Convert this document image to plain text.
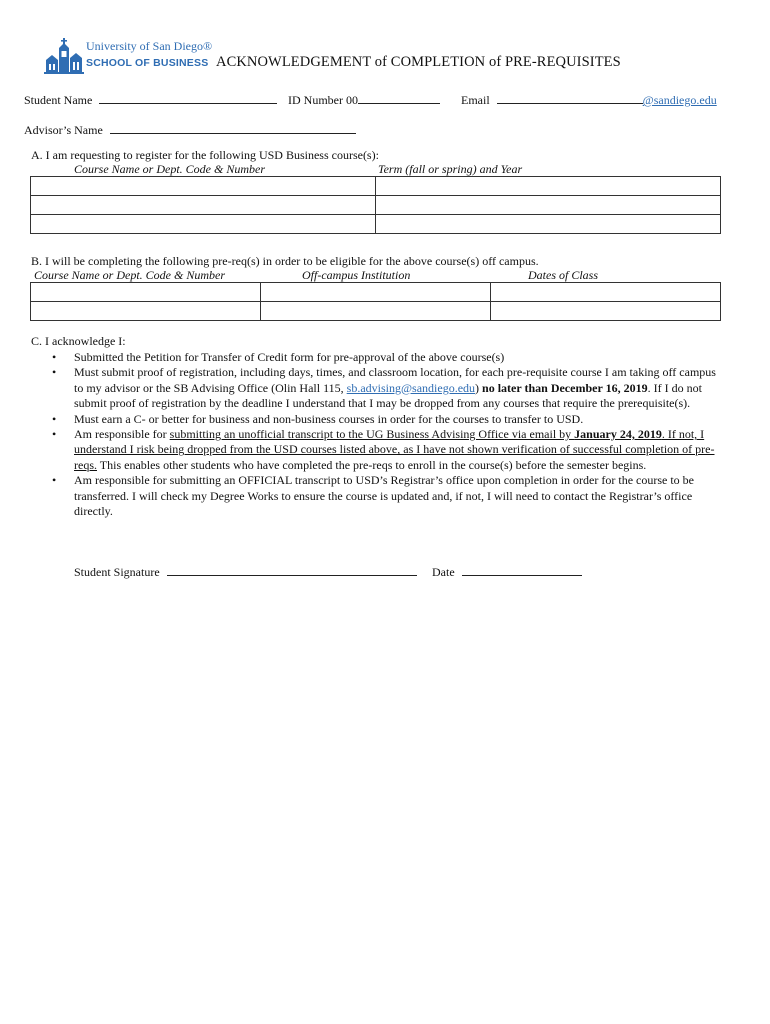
University of San Diego®
SCHOOL OF BUSINESS ACKNOWLEDGEMENT of COMPLETION of PRE-REQUISITES
Student Name	ID Number 00	Email	@sandiego.edu
Advisor’s Name
A. I am requesting to register for the following USD Business course(s):
Course Name or Dept. Code & Number	Term (fall or spring) and Year

B. I will be completing the following pre-req(s) in order to be eligible for the above course(s) off campus.
Course Name or Dept. Code & Number	Off-campus Institution	Dates of Class

C. I acknowledge I:
• Submitted the Petition for Transfer of Credit form for pre-approval of the above course(s)
• Must submit proof of registration, including days, times, and classroom location, for each pre-requisite course I am taking off campus to my advisor or the SB Advising Office (Olin Hall 115, sb.advising@sandiego.edu) no later than December 16, 2019. If I do not submit proof of registration by the deadline I understand that I may be dropped from any courses that require the prerequisite(s).
• Must earn a C- or better for business and non-business courses in order for the courses to transfer to USD.
• Am responsible for submitting an unofficial transcript to the UG Business Advising Office via email by January 24, 2019. If not, I understand I risk being dropped from the USD courses listed above, as I have not shown verification of successful completion of pre-reqs. This enables other students who have completed the pre-reqs to enroll in the course(s) before the semester begins.
• Am responsible for submitting an OFFICIAL transcript to USD’s Registrar’s office upon completion in order for the course to be transferred. I will check my Degree Works to ensure the course is updated and, if not, I will need to contact the Registrar’s office directly.
Student Signature	Date
